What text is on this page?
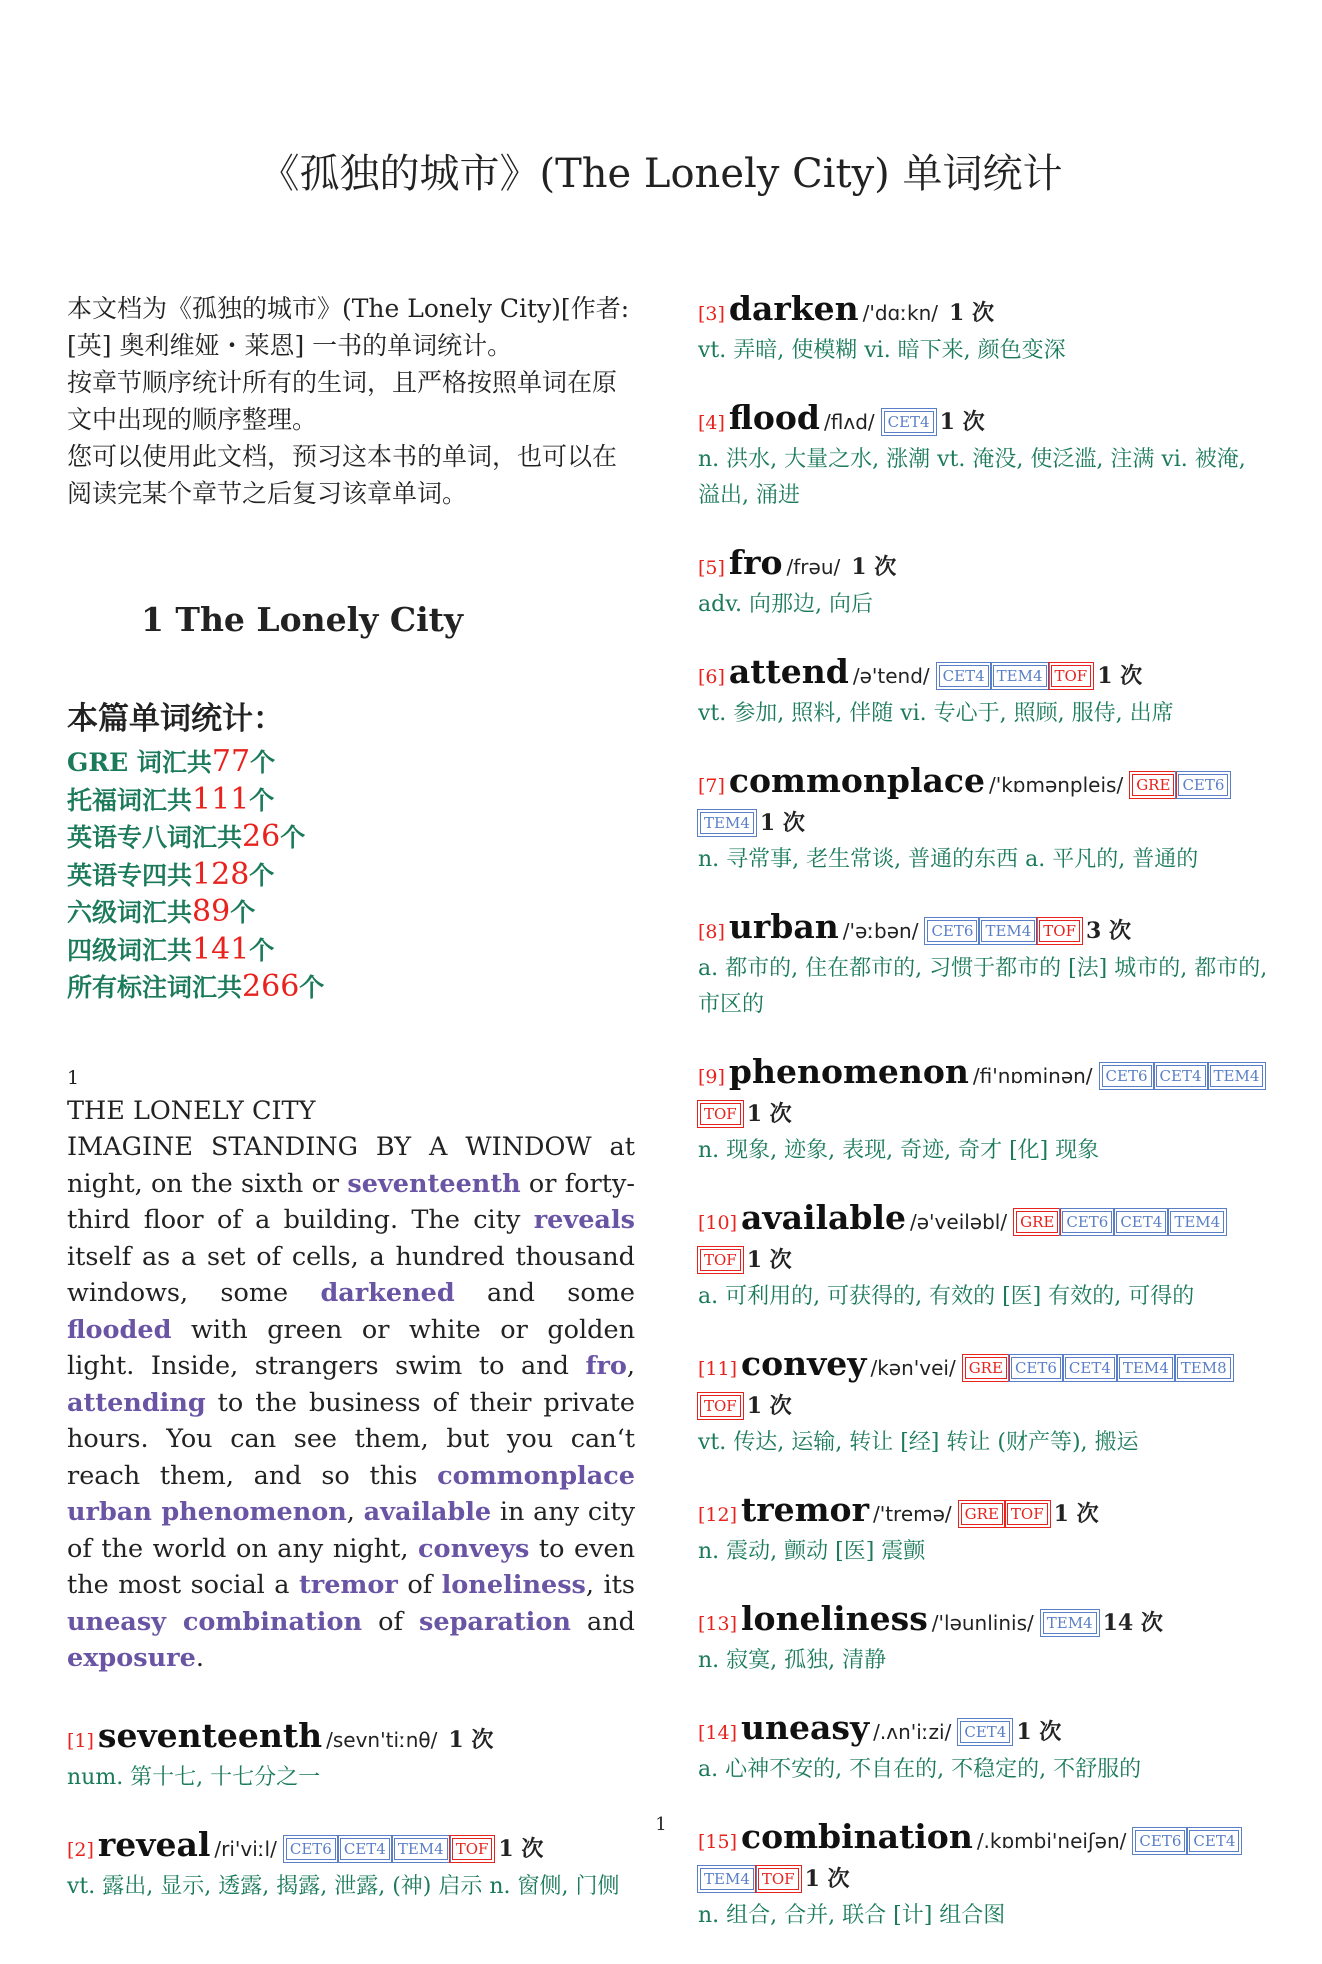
《孤独的城市》(The Lonely City) 单词统计

本文档为《孤独的城市》(The Lonely City)[作者: [英] 奥利维娅・莱恩] 一书的单词统计。

按章节顺序统计所有的生词，且严格按照单词在原文中出现的顺序整理。

您可以使用此文档，预习这本书的单词，也可以在阅读完某个章节之后复习该章单词。

1 The Lonely City
本篇单词统计：
GRE 词汇共77个
托福词汇共111个
英语专八词汇共26个
英语专四共128个
六级词汇共89个
四级词汇共141个
所有标注词汇共266个
1
THE LONELY CITY
IMAGINE STANDING BY A WINDOW at night, on the sixth or seventeenth or forty-third floor of a building. The city reveals itself as a set of cells, a hundred thousand windows, some darkened and some flooded with green or white or golden light. Inside, strangers swim to and fro, attending to the business of their private hours. You can see them, but you can‘t reach them, and so this commonplace urban phenomenon, available in any city of the world on any night, conveys to even the most social a tremor of loneliness, its uneasy combination of separation and exposure.
[1] seventeenth /sevn'tiːnθ/ 1 次
num. 第十七, 十七分之一
[2] reveal /ri'viːl/ CET6 CET4 TEM4 TOF 1 次
vt. 露出, 显示, 透露, 揭露, 泄露, (神) 启示 n. 窗侧, 门侧
[3] darken /'dɑːkn/ 1 次
vt. 弄暗, 使模糊 vi. 暗下来, 颜色变深
[4] flood /flʌd/ CET4 1 次
n. 洪水, 大量之水, 涨潮 vt. 淹没, 使泛滥, 注满 vi. 被淹, 溢出, 涌进
[5] fro /frəu/ 1 次
adv. 向那边, 向后
[6] attend /ə'tend/ CET4 TEM4 TOF 1 次
vt. 参加, 照料, 伴随 vi. 专心于, 照顾, 服侍, 出席
[7] commonplace /'kɒmənpleis/ GRE CET6TEM4 1 次
n. 寻常事, 老生常谈, 普通的东西 a. 平凡的, 普通的
[8] urban /'əːbən/ CET6 TEM4 TOF 3 次
a. 都市的, 住在都市的, 习惯于都市的 [法] 城市的, 都市的, 市区的
[9] phenomenon /fi'nɒminən/ CET6 CET4 TEM4TOF 1 次
n. 现象, 迹象, 表现, 奇迹, 奇才 [化] 现象
[10] available /ə'veiləbl/ GRE CET6 CET4 TEM4TOF 1 次
a. 可利用的, 可获得的, 有效的 [医] 有效的, 可得的
[11] convey /kən'vei/ GRE CET6 CET4 TEM4 TEM8TOF 1 次
vt. 传达, 运输, 转让 [经] 转让 (财产等), 搬运
[12] tremor /'tremə/ GRE TOF 1 次
n. 震动, 颤动 [医] 震颤
[13] loneliness /'ləunlinis/ TEM4 14 次
n. 寂寞, 孤独, 清静
[14] uneasy /.ʌn'iːzi/ CET4 1 次
a. 心神不安的, 不自在的, 不稳定的, 不舒服的
[15] combination /.kɒmbi'neiʃən/ CET6 CET4TEM4 TOF 1 次
n. 组合, 合并, 联合 [计] 组合图
1
